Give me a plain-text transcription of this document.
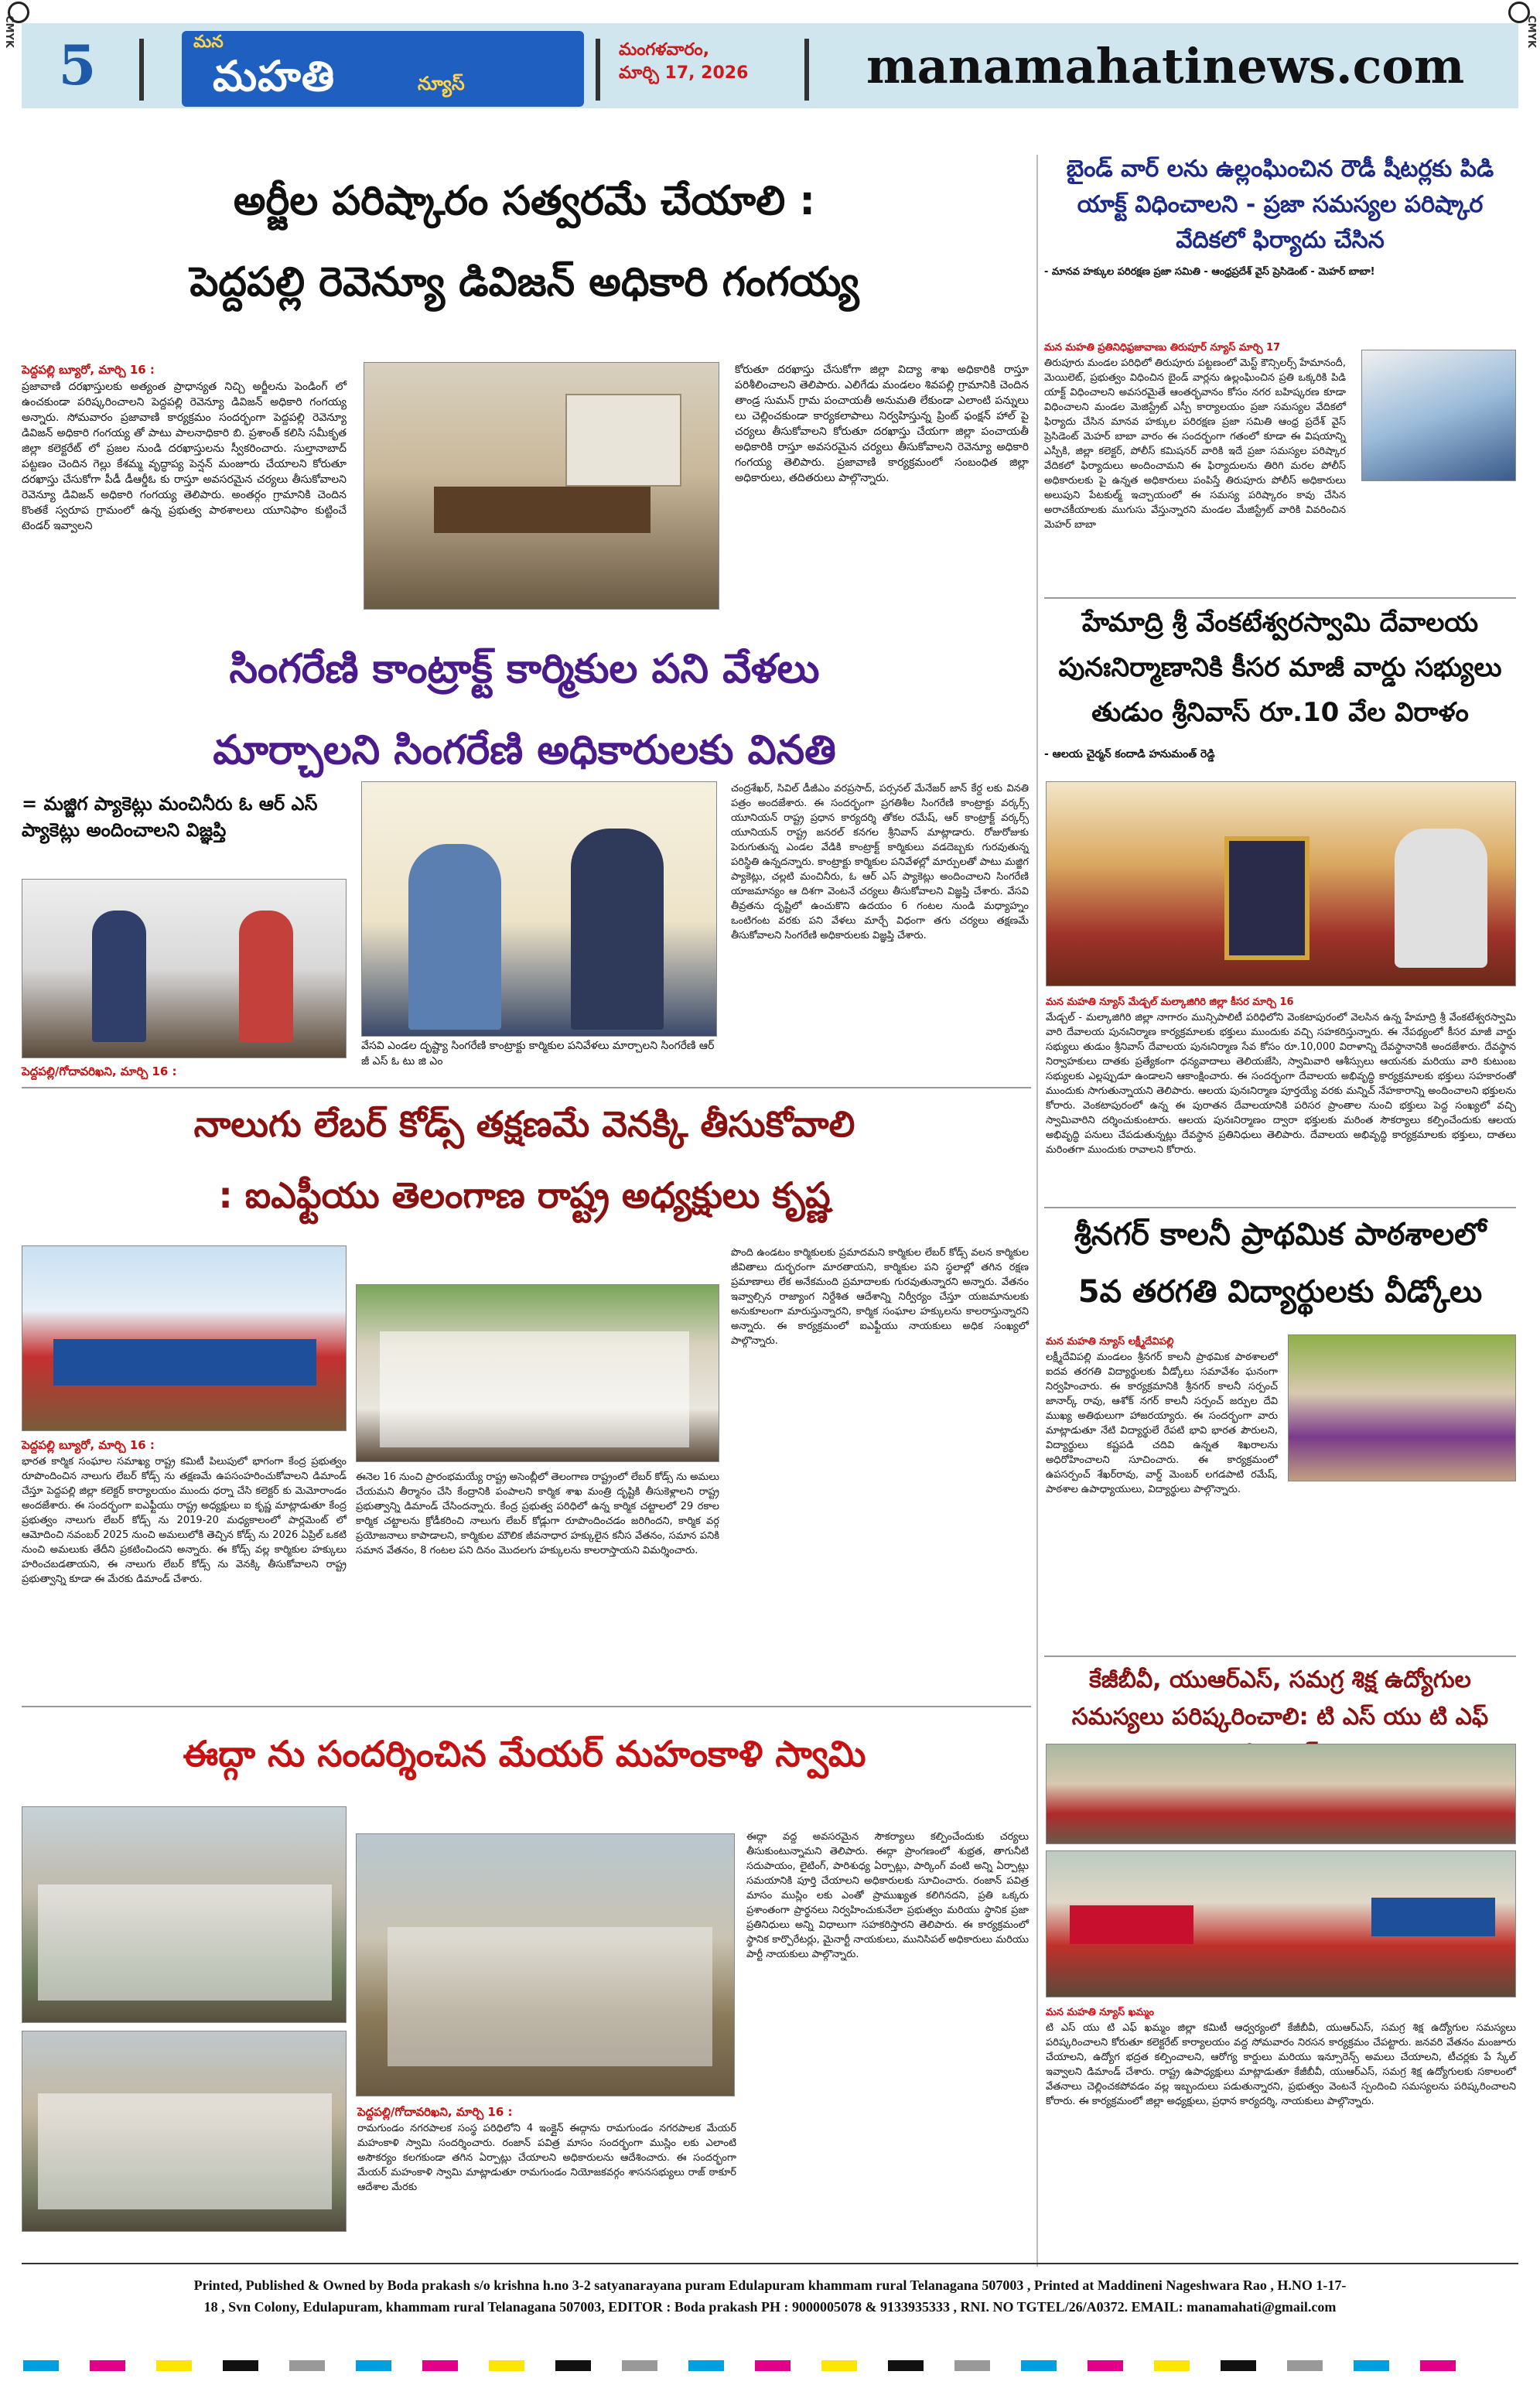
CMYK	CMYK
5	మన
మహతి	న్యూస్
మంగళవారం,
మార్చి 17, 2026	manamahatinews.com
అర్జీల పరిష్కారం సత్వరమే చేయాలి :
పెద్దపల్లి రెవెన్యూ డివిజన్ అధికారి గంగయ్య
పెద్దపల్లి బ్యూరో, మార్చి 16 :
ప్రజావాణి దరఖాస్తులకు అత్యంత ప్రాధాన్యత నిచ్చి అర్జీలను పెండింగ్ లో ఉంచకుండా పరిష్కరించాలని పెద్దపల్లి రెవెన్యూ డివిజన్ అధికారి గంగయ్య అన్నారు. సోమవారం ప్రజావాణి కార్యక్రమం సందర్భంగా పెద్దపల్లి రెవెన్యూ డివిజన్ అధికారి గంగయ్య తో పాటు పాలనాధికారి బి. ప్రశాంత్ కలిసి సమీకృత జిల్లా కలెక్టరేట్ లో ప్రజల నుండి దరఖాస్తులను స్వీకరించారు. సుల్తానాబాద్ పట్టణం చెందిన గెల్లు కేశమ్మ వృద్ధాప్య పెన్షన్ మంజూరు చేయాలని కోరుతూ దరఖాస్తు చేసుకోగా పీడీ డీఆర్డీఓ కు రాస్తూ అవసరమైన చర్యలు తీసుకోవాలని రెవెన్యూ డివిజన్ అధికారి గంగయ్య తెలిపారు. అంతర్గం గ్రామానికి చెందిన కొంతకే స్వరూప గ్రామంలో ఉన్న ప్రభుత్వ పాఠశాలలు యూనిఫాం కుట్టించే టెండర్ ఇవ్వాలని
కోరుతూ దరఖాస్తు చేసుకోగా జిల్లా విద్యా శాఖ అధికారికి రాస్తూ పరిశీలించాలని తెలిపారు. ఎలిగేడు మండలం శివపల్లి గ్రామానికి చెందిన తాండ్ర సుమన్ గ్రామ పంచాయతీ అనుమతి లేకుండా ఎలాంటి పన్నులు లు చెల్లించకుండా కార్యకలాపాలు నిర్వహిస్తున్న ప్రింట్ ఫంక్షన్ హాల్ పై చర్యలు తీసుకోవాలని కోరుతూ దరఖాస్తు చేయగా జిల్లా పంచాయతీ అధికారికి రాస్తూ అవసరమైన చర్యలు తీసుకోవాలని రెవెన్యూ అధికారి గంగయ్య తెలిపారు. ప్రజావాణి కార్యక్రమంలో సంబంధిత జిల్లా అధికారులు, తదితరులు పాల్గొన్నారు.
బైండ్ వార్ లను ఉల్లంఘించిన రౌడీ షీటర్లకు పిడి యాక్ట్ విధించాలని - ప్రజా సమస్యల పరిష్కార వేదికలో ఫిర్యాదు చేసిన
- మానవ హక్కుల పరిరక్షణ ప్రజా సమితి - ఆంధ్రప్రదేశ్ వైస్ ప్రెసిడెంట్ - మెహర్ బాబా!
మన మహతి ప్రతినిధిఫ్రజావాణు తిరుపూర్ న్యూస్ మార్చి 17
తిరుపూరు మండల పరిధిలో తిరుపూరు పట్టణంలో మెస్ట్ కౌన్సిలర్స్ హేమానందీ, మెయిలెట్, ప్రభుత్వం విధించిన బైండ్ వార్లను ఉల్లంఘించిన ప్రతి ఒక్కరికి పిడి యాక్ట్ విధించాలని అవసరమైతే ఆంతర్భవానం కోసం నగర బహిష్కరణ కూడా విధించాలని మండల మెజిస్ట్రేట్ ఎస్పీ కార్యాలయం ప్రజా సమస్యల వేదికలో ఫిర్యాదు చేసిన మానవ హక్కుల పరిరక్షణ ప్రజా సమితి ఆంధ్ర ప్రదేశ్ వైస్ ప్రెసిడెంట్ మెహర్ బాబా వారం ఈ సందర్భంగా గతంలో కూడా ఈ విషయాన్ని ఎస్పీకి, జిల్లా కలెక్టర్, పోలీస్ కమిషనర్ వారికి ఇదే ప్రజా సమస్యల పరిష్కార వేదికలో ఫిర్యాదులు అందించామని ఈ ఫిర్యాదులను తిరిగి మరల పోలీస్ అధికారులకు పై ఉన్నత అధికారులు పంపిస్తే తిరుపూరు పోలీస్ అధికారులు అలుపుని పేటకుల్మ్ ఇచ్చాయంలో ఈ సమస్య పరిష్కారం కావు చేసిన అరాచకీయాలకు ముగుసు వేస్తున్నారని మండల మేజిస్ట్రేట్ వారికి వివరించిన మెహర్ బాబా
హేమాద్రి శ్రీ వేంకటేశ్వరస్వామి దేవాలయ
పునఃనిర్మాణానికి కీసర మాజీ వార్డు సభ్యులు
తుడుం శ్రీనివాస్ రూ.10 వేల విరాళం
- ఆలయ చైర్మన్ కందాడి హనుమంత్ రెడ్డి
మన మహతి న్యూస్ మేడ్చల్ మల్కాజిగిరి జిల్లా కీసర మార్చి 16
మేడ్చల్ - మల్కాజిగిరి జిల్లా నాగారం మున్సిపాలిటీ పరిధిలోని వెంకటాపురంలో వెలసిన ఉన్న హేమాద్రి శ్రీ వేంకటేశ్వరస్వామి వారి దేవాలయ పునఃనిర్మాణ కార్యక్రమాలకు భక్తులు ముందుకు వచ్చి సహకరిస్తున్నారు. ఈ నేపథ్యంలో కీసర మాజీ వార్డు సభ్యులు తుడుం శ్రీనివాస్ దేవాలయ పునఃనిర్మాణ సేవ కోసం రూ.10,000 విరాళాన్ని దేవస్థానానికి అందజేశారు. దేవస్థాన నిర్వాహకులు దాతకు ప్రత్యేకంగా ధన్యవాదాలు తెలియజేసి, స్వామివారి ఆశీస్సులు ఆయనకు మరియు వారి కుటుంబ సభ్యులకు ఎల్లప్పుడూ ఉండాలని ఆకాంక్షించారు. ఈ సందర్భంగా దేవాలయ అభివృద్ధి కార్యక్రమాలకు భక్తులు సహకారంతో ముందుకు సాగుతున్నాయని తెలిపారు. ఆలయ పునఃనిర్మాణ పూర్తయ్యే వరకు మన్నిచ్ నేహకారాన్ని అందించాలని భక్తులను కోరారు. వెంకటాపురంలో ఉన్న ఈ పురాతన దేవాలయానికి పరిసర ప్రాంతాల నుంచి భక్తులు పెద్ద సంఖ్యలో వచ్చి స్వామివారిని దర్శించుకుంటారు. ఆలయ పునఃనిర్మాణం ద్వారా భక్తులకు మరింత సౌకర్యాలు కల్పించేందుకు ఆలయ అభివృద్ధి పనులు చేపడుతున్నట్లు దేవస్థాన ప్రతినిధులు తెలిపారు. దేవాలయ అభివృద్ధి కార్యక్రమాలకు భక్తులు, దాతలు మరింతగా ముందుకు రావాలని కోరారు.
సింగరేణి కాంట్రాక్ట్ కార్మికుల పని వేళలు
మార్చాలని సింగరేణి అధికారులకు వినతి
= మజ్జిగ ప్యాకెట్లు మంచినీరు ఓ ఆర్ ఎస్ ప్యాకెట్లు అందించాలని విజ్ఞప్తి
పెద్దపల్లి/గోదావరిఖని, మార్చి 16 :
వేసవి ఎండల దృష్ట్యా సింగరేణి కాంట్రాక్టు కార్మికుల పనివేళలు మార్చాలని సింగరేణి ఆర్ జీ ఎస్ ఓ టు జి ఎం
చంద్రశేఖర్, సివిల్ డీజీఎం వరప్రసాద్, పర్సనల్ మేనేజర్ జాన్ కేర్ద లకు వినతి పత్రం అందజేశారు. ఈ సందర్భంగా ప్రగతిశీల సింగరేణి కాంట్రాక్టు వర్కర్స్ యూనియన్ రాష్ట్ర ప్రధాన కార్యదర్శి తోకల రమేష్, ఆర్ కాంట్రాక్ట్ వర్కర్స్ యూనియన్ రాష్ట్ర జనరల్ కనగల శ్రీనివాస్ మాట్లాడారు. రోజురోజుకు పెరుగుతున్న ఎండల వేడికి కాంట్రాక్ట్ కార్మికులు వడదెబ్బకు గురవుతున్న పరిస్థితి ఉన్నదన్నారు. కాంట్రాక్టు కార్మికుల పనివేళల్లో మార్పులతో పాటు మజ్జిగ ప్యాకెట్లు, చల్లటి మంచినీరు, ఓ ఆర్ ఎస్ ప్యాకెట్లు అందించాలని సింగరేణి యాజమాన్యం ఆ దిశగా వెంటనే చర్యలు తీసుకోవాలని విజ్ఞప్తి చేశారు. వేసవి తీవ్రతను దృష్టిలో ఉంచుకొని ఉదయం 6 గంటల నుండి మధ్యాహ్నం ఒంటిగంట వరకు పని వేళలు మార్చే విధంగా తగు చర్యలు తక్షణమే తీసుకోవాలని సింగరేణి అధికారులకు విజ్ఞప్తి చేశారు.
నాలుగు లేబర్ కోడ్స్ తక్షణమే వెనక్కి తీసుకోవాలి
: ఐఎఫ్టీయు తెలంగాణ రాష్ట్ర అధ్యక్షులు కృష్ణ
పొంది ఉండటం కార్మికులకు ప్రమాదమని కార్మికుల లేబర్ కోడ్స్ వలన కార్మికుల జీవితాలు దుర్భరంగా మారతాయని, కార్మికుల పని స్థలాల్లో తగిన రక్షణ ప్రమాణాలు లేక అనేకమంది ప్రమాదాలకు గురవుతున్నారని అన్నారు. వేతనం ఇవ్వాల్సిన రాజ్యాంగ నిర్దేశిత ఆదేశాన్ని నిర్వీర్యం చేస్తూ యజమానులకు అనుకూలంగా మారుస్తున్నారని, కార్మిక సంఘాల హక్కులను కాలరాస్తున్నారని అన్నారు. ఈ కార్యక్రమంలో ఐఎఫ్టీయు నాయకులు అధిక సంఖ్యలో పాల్గొన్నారు.
పెద్దపల్లి బ్యూరో, మార్చి 16 :
భారత కార్మిక సంఘాల సమాఖ్య రాష్ట్ర కమిటీ పిలుపులో భాగంగా కేంద్ర ప్రభుత్వం రూపొందించిన నాలుగు లేబర్ కోడ్స్ ను తక్షణమే ఉపసంహరించుకోవాలని డిమాండ్ చేస్తూ పెద్దపల్లి జిల్లా కలెక్టర్ కార్యాలయం ముందు ధర్నా చేసి కలెక్టర్ కు మెమోరాండం అందజేశారు. ఈ సందర్భంగా ఐఎఫ్టీయు రాష్ట్ర అధ్యక్షులు ఐ కృష్ణ మాట్లాడుతూ కేంద్ర ప్రభుత్వం నాలుగు లేబర్ కోడ్స్ ను 2019-20 మధ్యకాలంలో పార్లమెంట్ లో ఆమోదించి నవంబర్ 2025 నుంచి అమలులోకి తెచ్చిన కోడ్స్ ను 2026 ఏప్రిల్ ఒకటి నుంచి అమలుకు తేదీని ప్రకటించిందని అన్నారు. ఈ కోడ్స్ వల్ల కార్మికుల హక్కులు హరించబడతాయని, ఈ నాలుగు లేబర్ కోడ్స్ ను వెనక్కి తీసుకోవాలని రాష్ట్ర ప్రభుత్వాన్ని కూడా ఈ మేరకు డిమాండ్ చేశారు.
ఈనెల 16 నుంచి ప్రారంభమయ్యే రాష్ట్ర అసెంబ్లీలో తెలంగాణ రాష్ట్రంలో లేబర్ కోడ్స్ ను అమలు చేయమని తీర్మానం చేసి కేంద్రానికి పంపాలని కార్మిక శాఖ మంత్రి దృష్టికి తీసుకెళ్లాలని రాష్ట్ర ప్రభుత్వాన్ని డిమాండ్ చేసిందన్నారు. కేంద్ర ప్రభుత్వ పరిధిలో ఉన్న కార్మిక చట్టాలలో 29 రకాల కార్మిక చట్టాలను క్రోడీకరించి నాలుగు లేబర్ కోడ్లుగా రూపొందించడం జరిగిందని, కార్మిక వర్గ ప్రయోజనాలు కాపాడాలని, కార్మికుల మౌలిక జీవనాధార హక్కులైన కనీస వేతనం, సమాన పనికి సమాన వేతనం, 8 గంటల పని దినం మొదలగు హక్కులను కాలరాస్తాయని విమర్శించారు.
శ్రీనగర్ కాలనీ ప్రాథమిక పాఠశాలలో
5వ తరగతి విద్యార్థులకు వీడ్కోలు
మన మహతి న్యూస్ లక్ష్మీదేవిపల్లి
లక్ష్మీదేవిపల్లి మండలం శ్రీనగర్ కాలనీ ప్రాథమిక పాఠశాలలో ఐదవ తరగతి విద్యార్థులకు వీడ్కోలు సమావేశం ఘనంగా నిర్వహించారు. ఈ కార్యక్రమానికి శ్రీనగర్ కాలనీ సర్పంచ్ జానార్క్ రావు, ఆశోక్ నగర్ కాలనీ సర్పంచ్ జర్పుల దేవి ముఖ్య అతిథులుగా హాజరయ్యారు. ఈ సందర్భంగా వారు మాట్లాడుతూ నేటి విద్యార్థులే రేపటి భావి భారత పౌరులని, విద్యార్థులు కష్టపడి చదివి ఉన్నత శిఖరాలను అధిరోహించాలని సూచించారు. ఈ కార్యక్రమంలో ఉపసర్పంచ్ శేఖర్‌రావు, వార్డ్ మెంబర్ లగడపాటి రమేష్, పాఠశాల ఉపాధ్యాయులు, విద్యార్థులు పాల్గొన్నారు.
కేజీబీవీ, యుఆర్ఎస్, సమగ్ర శిక్ష ఉద్యోగుల సమస్యలు పరిష్కరించాలి: టి ఎస్ యు టి ఎఫ్
మన మహతి న్యూస్ ఖమ్మం
టి ఎస్ యు టి ఎఫ్ ఖమ్మం జిల్లా కమిటీ ఆధ్వర్యంలో కేజీబీవీ, యుఆర్ఎస్, సమగ్ర శిక్ష ఉద్యోగుల సమస్యలు పరిష్కరించాలని కోరుతూ కలెక్టరేట్ కార్యాలయం వద్ద సోమవారం నిరసన కార్యక్రమం చేపట్టారు. జనవరి వేతనం మంజూరు చేయాలని, ఉద్యోగ భద్రత కల్పించాలని, ఆరోగ్య కార్డులు మరియు ఇన్సూరెన్స్ అమలు చేయాలని, టీచర్లకు పే స్కేల్ ఇవ్వాలని డిమాండ్ చేశారు. రాష్ట్ర ఉపాధ్యక్షులు మాట్లాడుతూ కేజీబీవీ, యుఆర్ఎస్, సమగ్ర శిక్ష ఉద్యోగులకు సకాలంలో వేతనాలు చెల్లించకపోవడం వల్ల ఇబ్బందులు పడుతున్నారని, ప్రభుత్వం వెంటనే స్పందించి సమస్యలను పరిష్కరించాలని కోరారు. ఈ కార్యక్రమంలో జిల్లా అధ్యక్షులు, ప్రధాన కార్యదర్శి, నాయకులు పాల్గొన్నారు.
ఈద్గా ను సందర్శించిన మేయర్ మహంకాళి స్వామి
పెద్దపల్లి/గోదావరిఖని, మార్చి 16 :
రామగుండం నగరపాలక సంస్థ పరిధిలోని 4 ఇంక్లైన్ ఈద్గాను రామగుండం నగరపాలక మేయర్ మహంకాళి స్వామి సందర్శించారు. రంజాన్ పవిత్ర మాసం సందర్భంగా ముస్లిం లకు ఎలాంటి అసౌకర్యం కలగకుండా తగిన ఏర్పాట్లు చేయాలని అధికారులను ఆదేశించారు. ఈ సందర్భంగా మేయర్ మహంకాళి స్వామి మాట్లాడుతూ రామగుండం నియోజకవర్గం శాసనసభ్యులు రాజ్ ఠాకూర్ ఆదేశాల మేరకు
ఈద్గా వద్ద అవసరమైన సౌకర్యాలు కల్పించేందుకు చర్యలు తీసుకుంటున్నామని తెలిపారు. ఈద్గా ప్రాంగణంలో శుభ్రత, తాగునీటి సదుపాయం, లైటింగ్, పారిశుధ్య ఏర్పాట్లు, పార్కింగ్ వంటి అన్ని ఏర్పాట్లు సమయానికి పూర్తి చేయాలని అధికారులకు సూచించారు. రంజాన్ పవిత్ర మాసం ముస్లిం లకు ఎంతో ప్రాముఖ్యత కలిగినదని, ప్రతి ఒక్కరు ప్రశాంతంగా ప్రార్థనలు నిర్వహించుకునేలా ప్రభుత్వం మరియు స్థానిక ప్రజా ప్రతినిధులు అన్ని విధాలుగా సహకరిస్తారని తెలిపారు. ఈ కార్యక్రమంలో స్థానిక కార్పొరేటర్లు, మైనార్టీ నాయకులు, మునిసిపల్ అధికారులు మరియు పార్టీ నాయకులు పాల్గొన్నారు.
Printed, Published & Owned by Boda prakash s/o krishna h.no 3-2 satyanarayana puram Edulapuram khammam rural Telanagana 507003 , Printed at Maddineni Nageshwara Rao , H.NO 1-17-
18 , Svn Colony, Edulapuram, khammam rural Telanagana 507003, EDITOR : Boda prakash PH : 9000005078 & 9133935333 , RNI. NO TGTEL/26/A0372. EMAIL: manamahati@gmail.com
